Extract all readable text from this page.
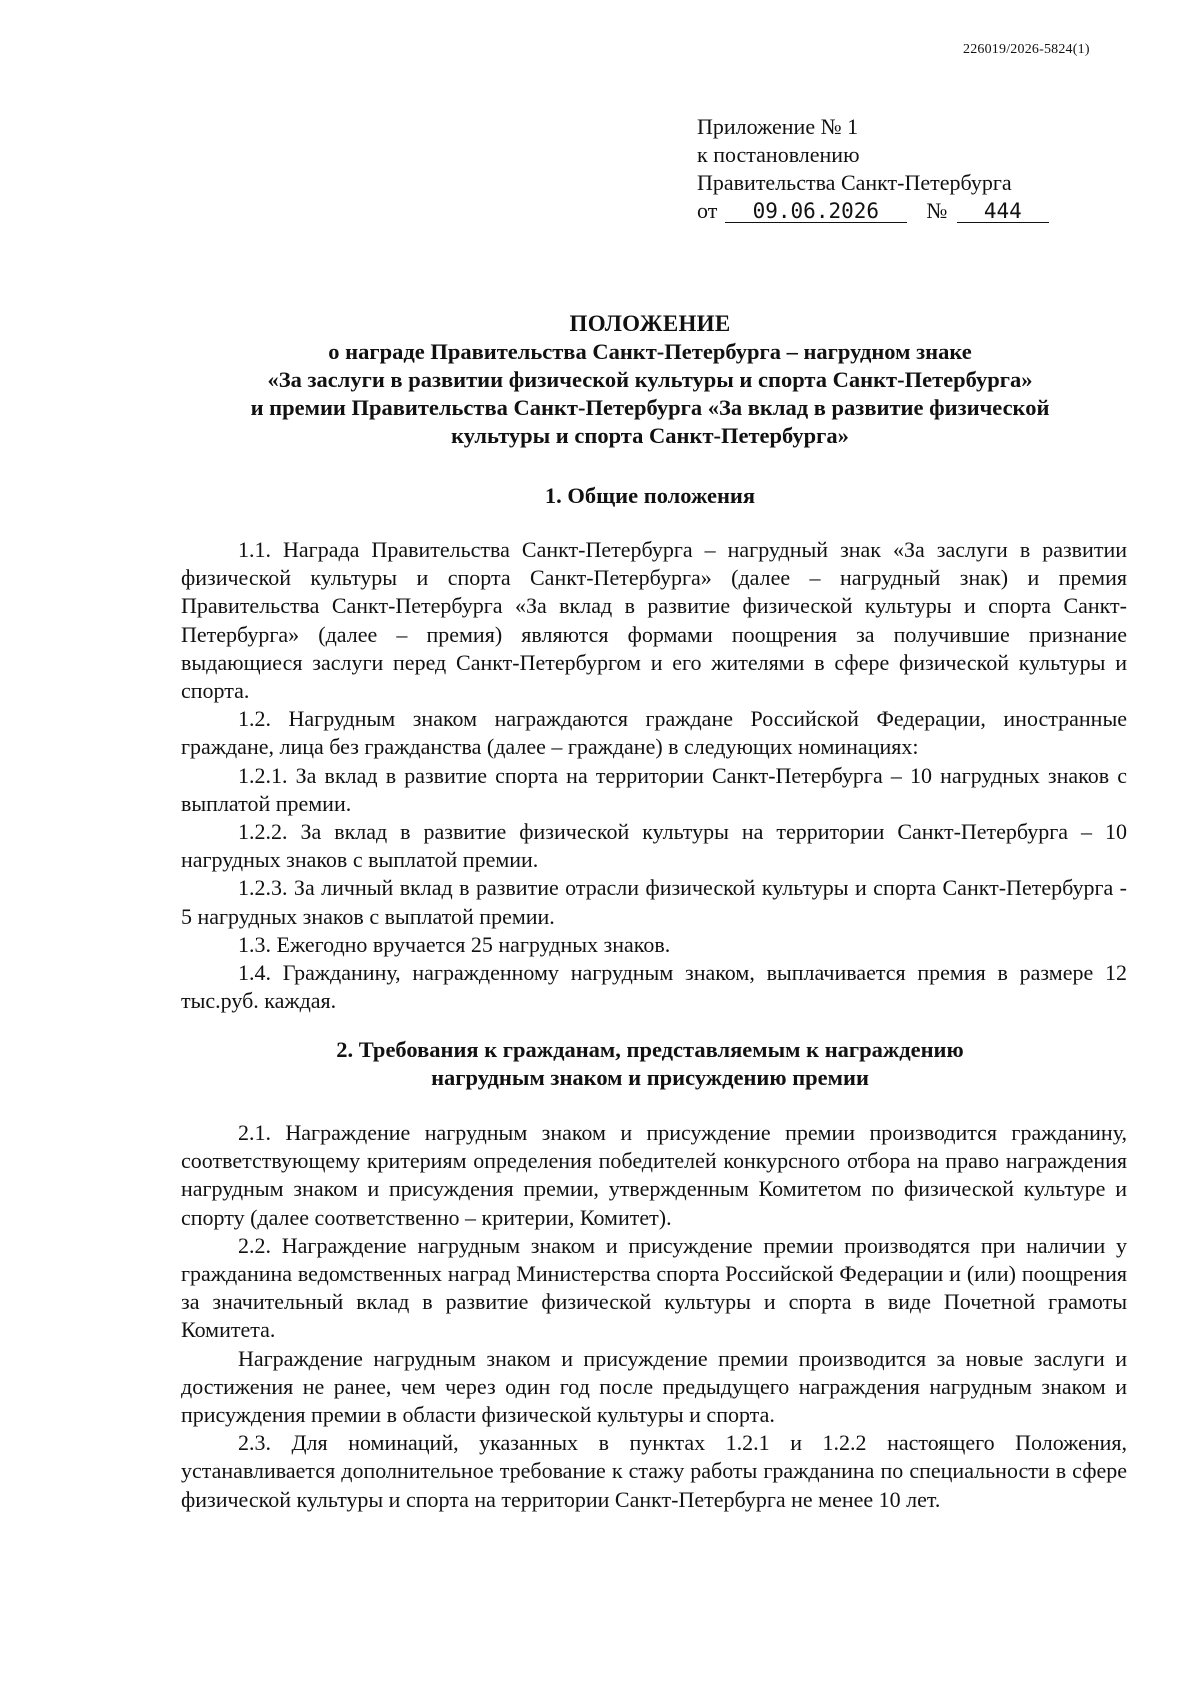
226019/2026-5824(1)
Приложение № 1
к постановлению
Правительства Санкт-Петербурга
от 09.06.2026 № 444
ПОЛОЖЕНИЕ
о награде Правительства Санкт-Петербурга – нагрудном знаке
«За заслуги в развитии физической культуры и спорта Санкт-Петербурга»
и премии Правительства Санкт-Петербурга «За вклад в развитие физической
культуры и спорта Санкт-Петербурга»
1. Общие положения

1.1. Награда Правительства Санкт-Петербурга – нагрудный знак «За заслуги в развитии физической культуры и спорта Санкт-Петербурга» (далее – нагрудный знак) и премия Правительства Санкт-Петербурга «За вклад в развитие физической культуры и спорта Санкт-Петербурга» (далее – премия) являются формами поощрения за получившие признание выдающиеся заслуги перед Санкт-Петербургом и его жителями в сфере физической культуры и спорта.

1.2. Нагрудным знаком награждаются граждане Российской Федерации, иностранные граждане, лица без гражданства (далее – граждане) в следующих номинациях:

1.2.1. За вклад в развитие спорта на территории Санкт-Петербурга – 10 нагрудных знаков с выплатой премии.

1.2.2. За вклад в развитие физической культуры на территории Санкт-Петербурга – 10 нагрудных знаков с выплатой премии.

1.2.3. За личный вклад в развитие отрасли физической культуры и спорта Санкт-Петербурга - 5 нагрудных знаков с выплатой премии.

1.3. Ежегодно вручается 25 нагрудных знаков.

1.4. Гражданину, награжденному нагрудным знаком, выплачивается премия в размере 12 тыс.руб. каждая.

2. Требования к гражданам, представляемым к награждению
нагрудным знаком и присуждению премии

2.1. Награждение нагрудным знаком и присуждение премии производится гражданину, соответствующему критериям определения победителей конкурсного отбора на право награждения нагрудным знаком и присуждения премии, утвержденным Комитетом по физической культуре и спорту (далее соответственно – критерии, Комитет).

2.2. Награждение нагрудным знаком и присуждение премии производятся при наличии у гражданина ведомственных наград Министерства спорта Российской Федерации и (или) поощрения за значительный вклад в развитие физической культуры и спорта в виде Почетной грамоты Комитета.

Награждение нагрудным знаком и присуждение премии производится за новые заслуги и достижения не ранее, чем через один год после предыдущего награждения нагрудным знаком и присуждения премии в области физической культуры и спорта.

2.3. Для номинаций, указанных в пунктах 1.2.1 и 1.2.2 настоящего Положения, устанавливается дополнительное требование к стажу работы гражданина по специальности в сфере физической культуры и спорта на территории Санкт-Петербурга не менее 10 лет.
